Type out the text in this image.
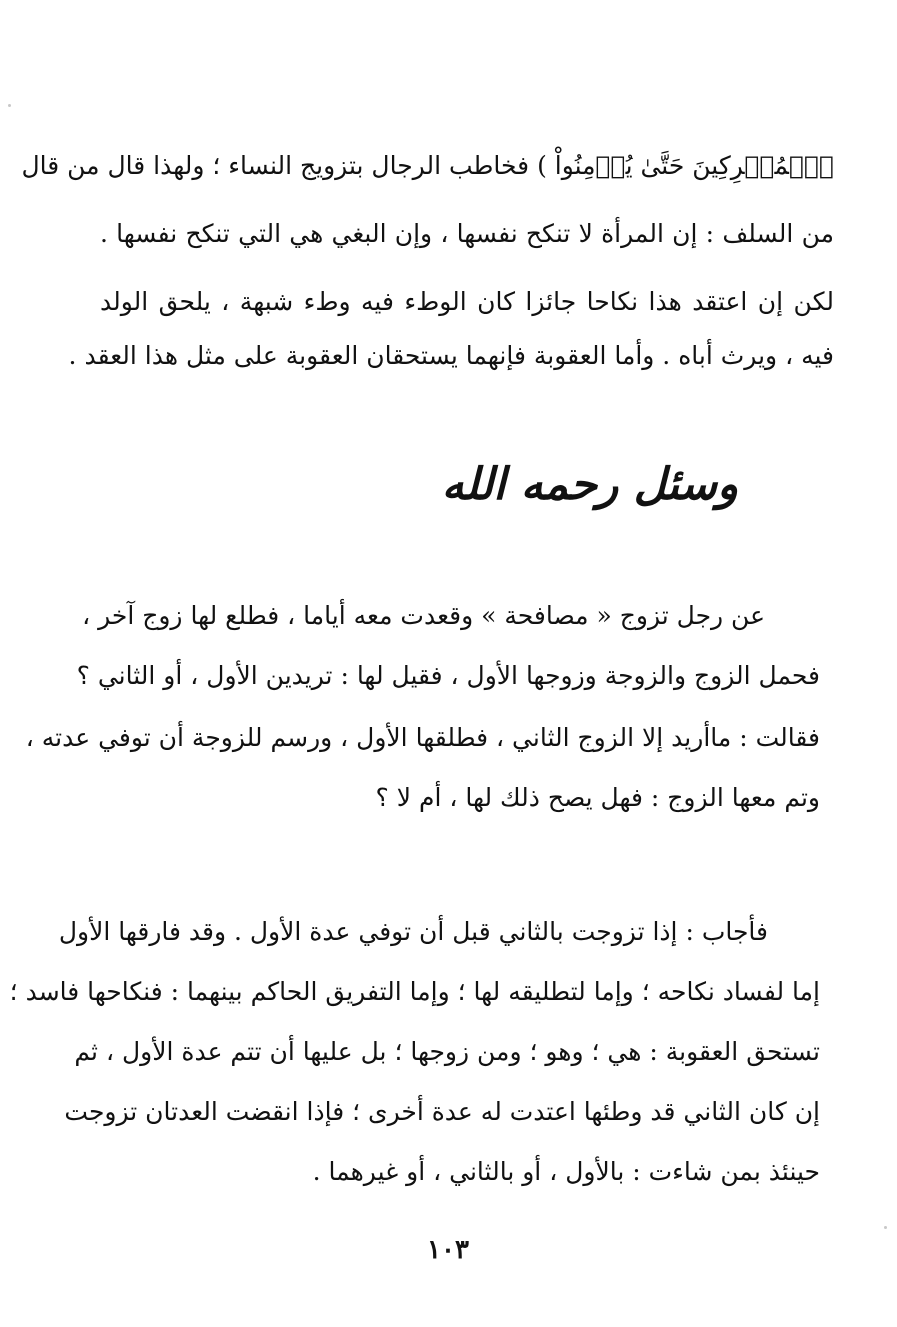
ٱلۡمُشۡرِكِينَ حَتَّىٰ يُؤۡمِنُواْ ) فخاطب الرجال بتزويج النساء ؛ ولهذا قال من قال
من السلف : إن المرأة لا تنكح نفسها ، وإن البغي هي التي تنكح نفسها .
لكن إن اعتقد هذا نكاحا جائزا كان الوطء فيه وطء شبهة ، يلحق الولد
فيه ، ويرث أباه . وأما العقوبة فإنهما يستحقان العقوبة على مثل هذا العقد .
وسئل رحمه الله
عن رجل تزوج « مصافحة » وقعدت معه أياما ، فطلع لها زوج آخر ،
فحمل الزوج والزوجة وزوجها الأول ، فقيل لها : تريدين الأول ، أو الثاني ؟
فقالت : ماأريد إلا الزوج الثاني ، فطلقها الأول ، ورسم للزوجة أن توفي عدته ،
وتم معها الزوج : فهل يصح ذلك لها ، أم لا ؟
فأجاب : إذا تزوجت بالثاني قبل أن توفي عدة الأول . وقد فارقها الأول
إما لفساد نكاحه ؛ وإما لتطليقه لها ؛ وإما التفريق الحاكم بينهما : فنكاحها فاسد ؛
تستحق العقوبة : هي ؛ وهو ؛ ومن زوجها ؛ بل عليها أن تتم عدة الأول ، ثم
إن كان الثاني قد وطئها اعتدت له عدة أخرى ؛ فإذا انقضت العدتان تزوجت
حينئذ بمن شاءت : بالأول ، أو بالثاني ، أو غيرهما .
١٠٣
